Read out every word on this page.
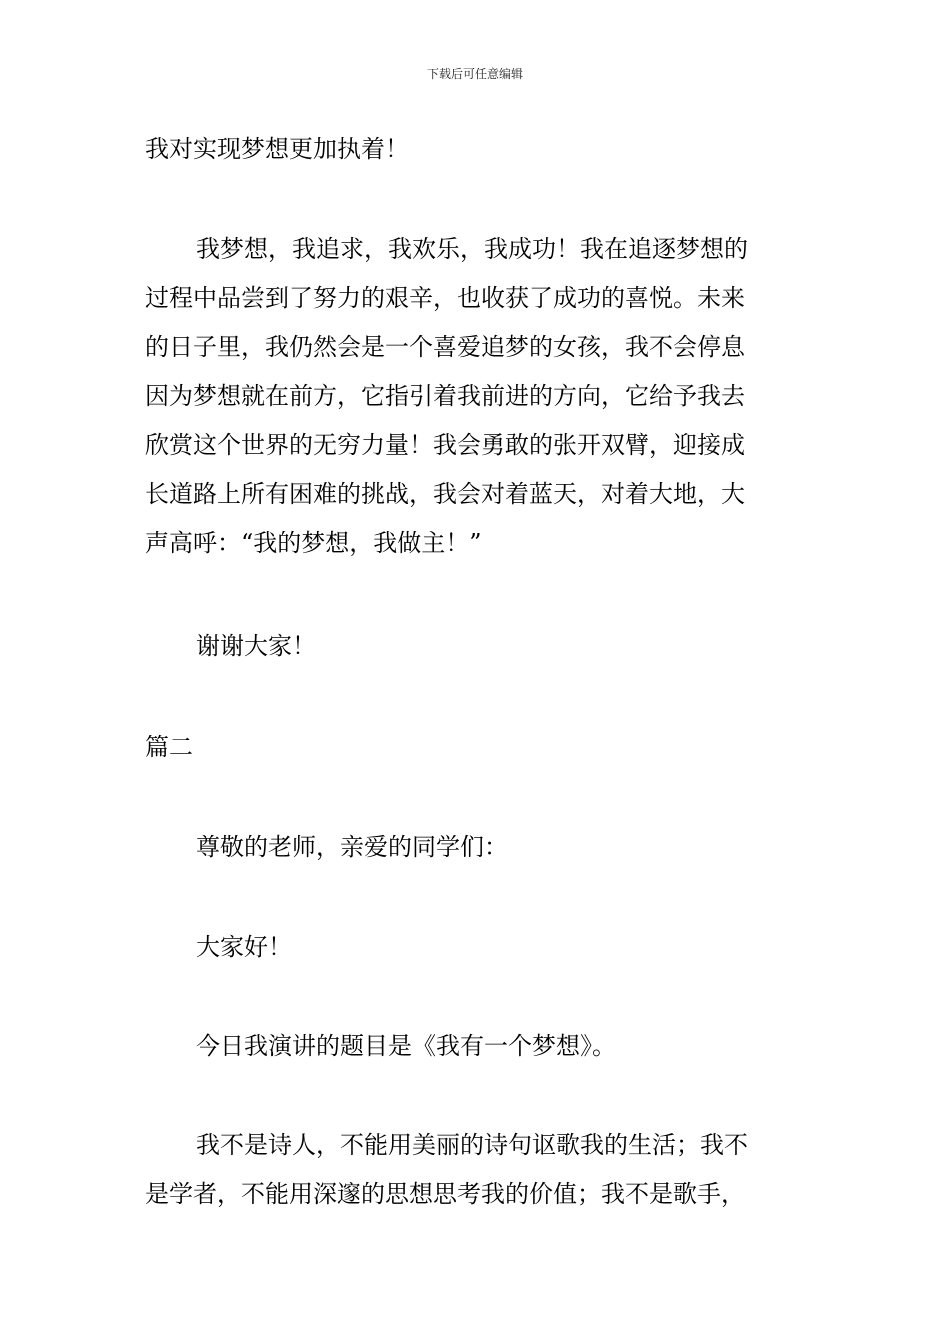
下载后可任意编辑
我对实现梦想更加执着！
我梦想，我追求，我欢乐，我成功！我在追逐梦想的
过程中品尝到了努力的艰辛，也收获了成功的喜悦。未来
的日子里，我仍然会是一个喜爱追梦的女孩，我不会停息
因为梦想就在前方，它指引着我前进的方向，它给予我去
欣赏这个世界的无穷力量！我会勇敢的张开双臂，迎接成
长道路上所有困难的挑战，我会对着蓝天，对着大地，大
声高呼：“我的梦想，我做主！”
谢谢大家！
篇二
尊敬的老师，亲爱的同学们：
大家好！
今日我演讲的题目是《我有一个梦想》。
我不是诗人，不能用美丽的诗句讴歌我的生活；我不
是学者，不能用深邃的思想思考我的价值；我不是歌手，
